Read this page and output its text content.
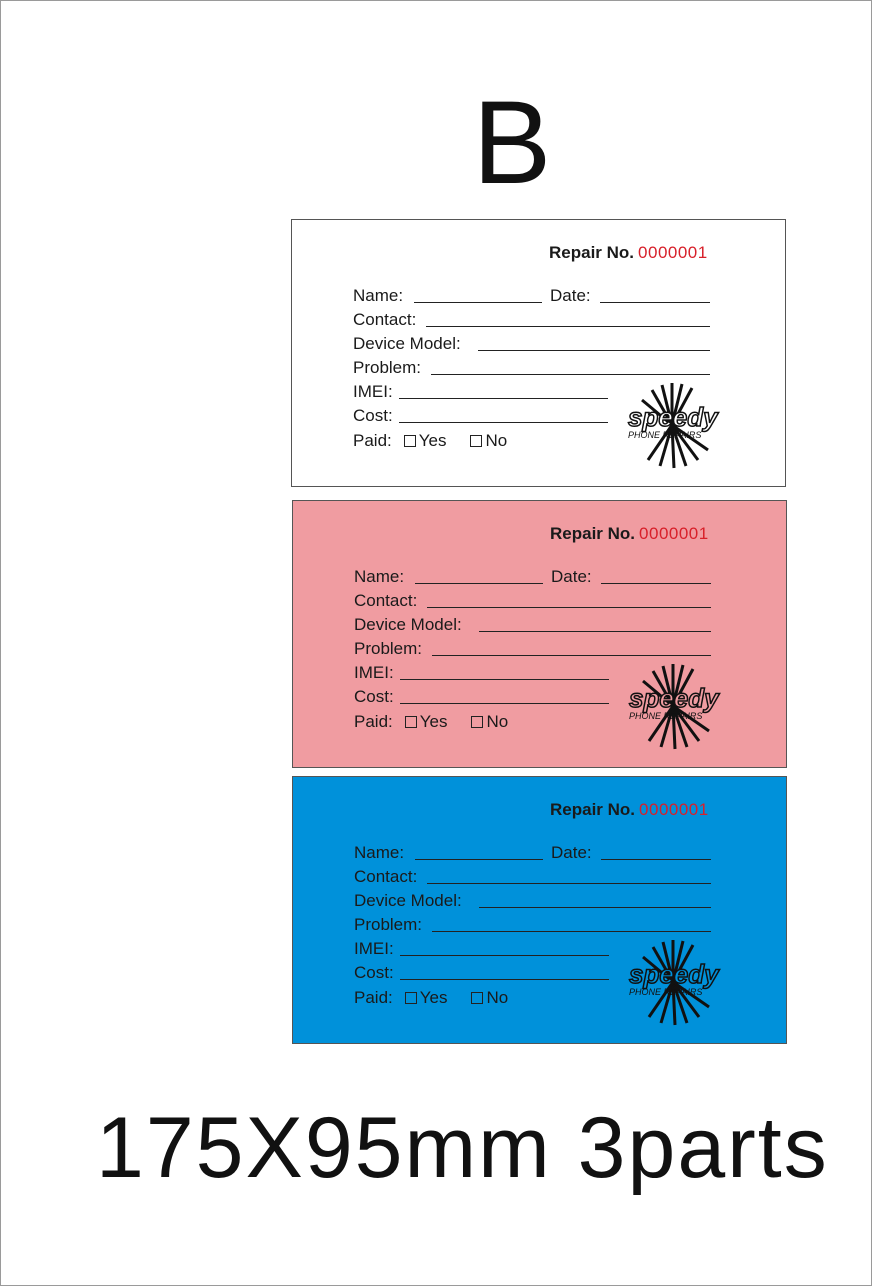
B
Repair No. 0000001
Name:	Date:
Contact:
Device Model:
Problem:
IMEI:
Cost:
Paid: Yes No
speedy
PHONE REPAIRS
Repair No. 0000001
Name:	Date:
Contact:
Device Model:
Problem:
IMEI:
Cost:
Paid: Yes No
speedy
PHONE REPAIRS
Repair No. 0000001
Name:	Date:
Contact:
Device Model:
Problem:
IMEI:
Cost:
Paid: Yes No
speedy
PHONE REPAIRS
175X95mm 3parts
